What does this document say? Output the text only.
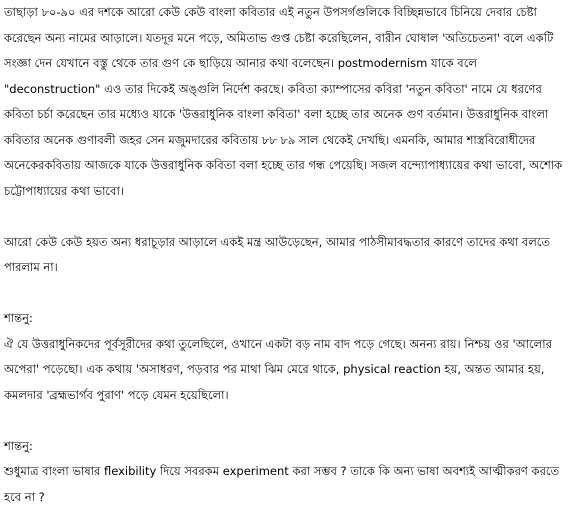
তাছাড়া ৮০-৯০ এর দশকে আরো কেউ কেউ বাংলা কবিতার এই নতুন উপসর্গগুলিকে বিচ্ছিন্নভাবে চিনিয়ে দেবার চেষ্টা করেছেন অন্য নামের আড়ালে। যতদূর মনে পড়ে, অমিতাভ গুপ্ত চেষ্টা করেছিলেন, বারীন ঘোষাল 'অতিচেতনা' বলে একটি সংজ্ঞা দেন যেখানে বস্তু থেকে তার গুণ কে ছাড়িয়ে আনার কথা বলেছেন। postmodernism যাকে বলে "deconstruction" এও তার দিকেই অঙ্গুলি নির্দেশ করছে। কবিতা ক্যাম্পাসের কবিরা 'নতুন কবিতা' নামে যে ধরণের কবিতা চর্চা করেছেন তার মধ্যেও যাকে 'উত্তরাধুনিক বাংলা কবিতা' বলা হচ্ছে তার অনেক গুণ বর্তমান। উত্তরাধুনিক বাংলা কবিতার অনেক গুণাবলী জহর সেন মজুমদারের কবিতায় ৮৮ ৮৯ সাল থেকেই দেখছি। এমনকি, আমার শাস্ত্রবিরোধীদের অনেকেরকবিতায় আজকে যাকে উত্তরাধুনিক কবিতা বলা হচ্ছে তার গন্ধ পেয়েছি। সজল বন্দ্যোপাধ্যায়ের কথা ভাবো, অশোক চট্টোপাধ্যায়ের কথা ভাবো।

আরো কেউ কেউ হয়ত অন্য ধরাচূড়ার আড়ালে একই মন্ত্র আউড়েছেন, আমার পাঠসীমাবদ্ধতার কারণে তাদের কথা বলতে পারলাম না।

শান্তনু:

ঐ যে উত্তরাধুনিকদের পূর্বসূরীদের কথা তুলেছিলে, ওখানে একটা বড় নাম বাদ পড়ে গেছে। অনন্য রায়। নিশ্চয় ওর 'আলোর অপেরা' পড়েছো। এক কথায় 'অসাধরণ, পড়বার পর মাথা ঝিম মেরে থাকে, physical reaction হয়, অন্তত আমার হয়, কমলদার 'ব্রহ্মভার্গব পুরাণ' পড়ে যেমন হয়েছিলো।

শান্তনু:

শুধুমাত্র বাংলা ভাষার flexibility দিয়ে সবরকম experiment করা সম্ভব ? তাকে কি অন্য ভাষা অবশ্যই আত্মীকরণ করতে হবে না ?
